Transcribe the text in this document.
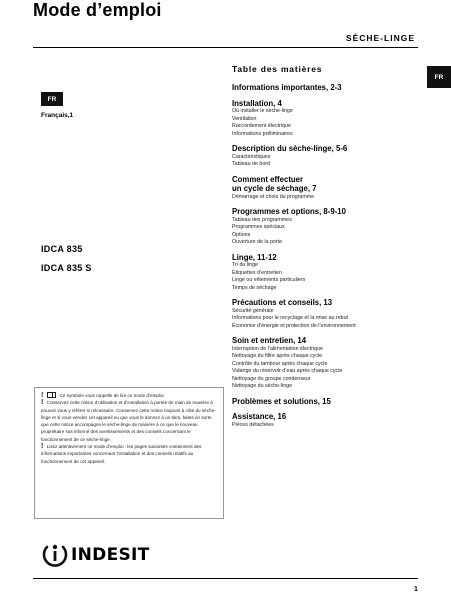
Mode d’emploi
SÈCHE-LINGE
FR
FR
Français,1
IDCA 835
IDCA 835 S
!	Ce symbole vous rappelle de lire ce mode d’emploi.
! Conservez cette notice d’utilisation et d’installation à portée de main de manière à pouvoir vous y référer si nécessaire. Conservez cette notice toujours à côté du sèche-linge et si vous vendez cet appareil ou que vous le donnez à un tiers, faites en sorte que cette notice accompagne le sèche-linge de manière à ce que le nouveau propriétaire soit informé des avertissements et des conseils concernant le fonctionnement de ce sèche-linge.
! Lisez attentivement ce mode d’emploi : les pages suivantes contiennent des informations importantes concernant l’installation et des conseils relatifs au fonctionnement de cet appareil.
INDESIT
Table des matières
Informations importantes, 2-3
Installation, 4
Où installer le sèche-linge
Ventilation
Raccordement électrique
Informations préliminaires
Description du sèche-linge, 5-6
Caractéristiques
Tableau de bord
Comment effectuer
un cycle de séchage, 7
Démarrage et choix du programme
Programmes et options, 8-9-10
Tableau des programmes
Programmes spéciaux
Options
Ouverture de la porte
Linge, 11-12
Tri du linge
Étiquettes d’entretien
Linge ou vêtements particuliers
Temps de séchage
Précautions et conseils, 13
Sécurité générale
Informations pour le recyclage et la mise au rebut
Économie d’énergie et protection de l’environnement
Soin et entretien, 14
Interruption de l’alimentation électrique
Nettoyage du filtre après chaque cycle
Contrôle du tambour après chaque cycle
Vidange du réservoir d’eau après chaque cycle
Nettoyage du groupe condenseur
Nettoyage du sèche-linge
Problèmes et solutions, 15
Assistance, 16
Pièces détachées
1
